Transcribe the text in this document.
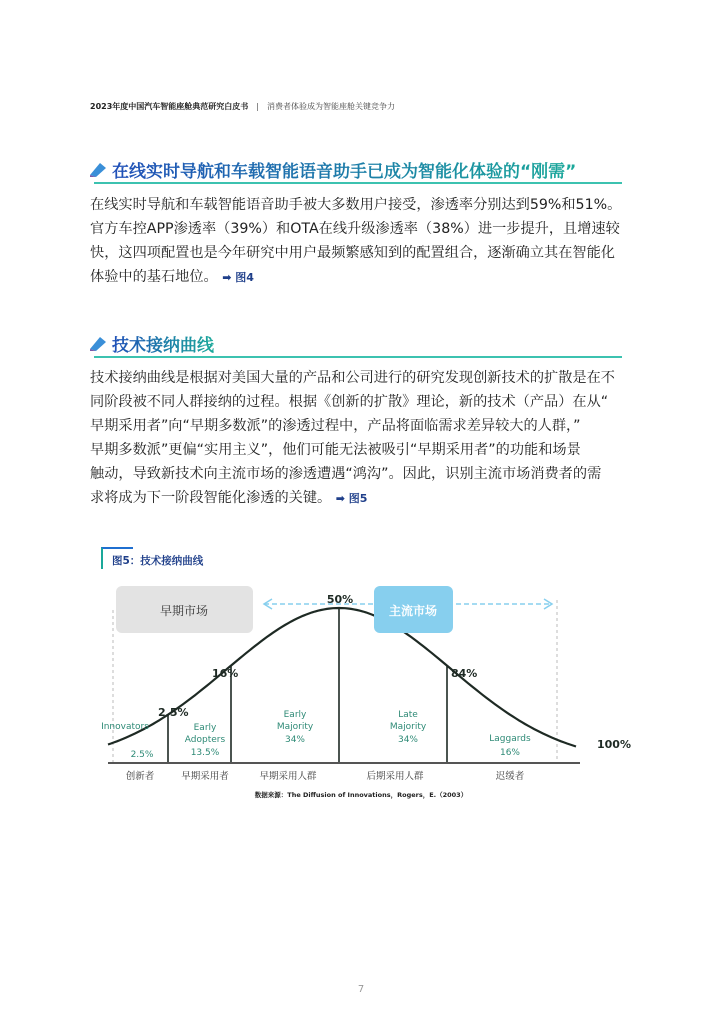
2023年度中国汽车智能座舱典范研究白皮书 | 消费者体验成为智能座舱关键竞争力
在线实时导航和车载智能语音助手已成为智能化体验的“刚需”
在线实时导航和车载智能语音助手被大多数用户接受，渗透率分别达到59%和51%。
官方车控APP渗透率（39%）和OTA在线升级渗透率（38%）进一步提升，且增速较
快，这四项配置也是今年研究中用户最频繁感知到的配置组合，逐渐确立其在智能化
体验中的基石地位。 ➡ 图4
技术接纳曲线
技术接纳曲线是根据对美国大量的产品和公司进行的研究发现创新技术的扩散是在不
同阶段被不同人群接纳的过程。根据《创新的扩散》理论，新的技术（产品）在从“
早期采用者”向“早期多数派”的渗透过程中，产品将面临需求差异较大的人群，”
早期多数派”更偏“实用主义”，他们可能无法被吸引“早期采用者”的功能和场景
触动，导致新技术向主流市场的渗透遭遇“鸿沟”。因此，识别主流市场消费者的需
求将成为下一阶段智能化渗透的关键。 ➡ 图5
图5：技术接纳曲线
早期市场	主流市场
2.5%
16%
50%
84%
100%
Innovators
2.5%
Early
Adopters
13.5%
Early
Majority
34%
Late
Majority
34%	Laggards
16%
创新者	早期采用者	早期采用人群	后期采用人群	迟缓者
数据来源：The Diffusion of Innovations，Rogers，E.（2003）
7
